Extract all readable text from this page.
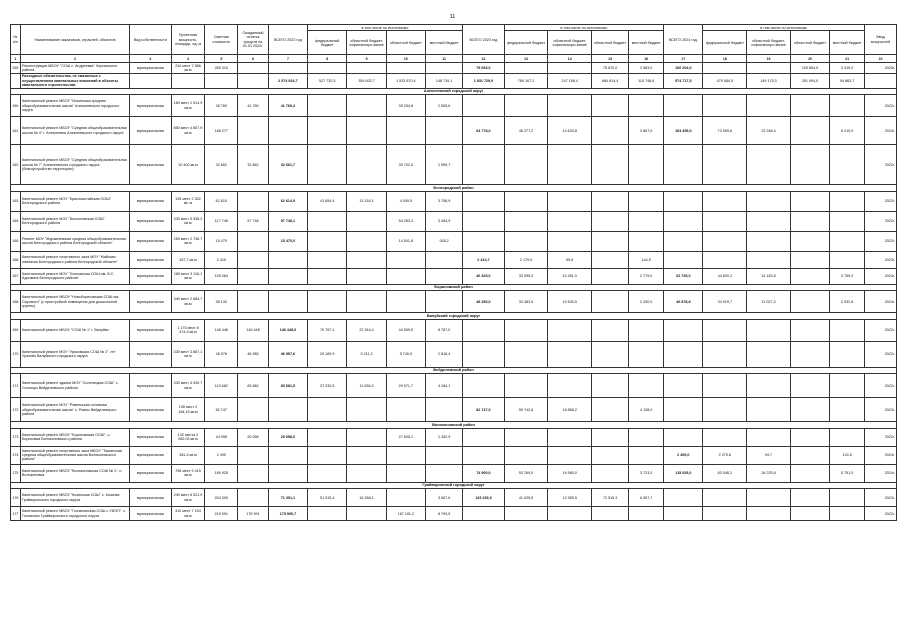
11
№ п/п	Наименование заказчиков, отраслей, объектов	Вид собственности	Проектная мощность, площадь, ед. м	Сметная стоимость	Ожидаемый остаток средств на 01.01.2022г.	ВСЕГО 2022 год	в том числе по источникам:				ВСЕГО 2023 год	в том числе по источникам:				ВСЕГО 2024 год.	в том числе по источникам:				Ввод мощностей
							федеральный бюджет	областной бюджет, софинансиро-вание	областной бюджет	местный бюджет		федеральный бюджет	областной бюджет, софинансиро-вание	областной бюджет	местный бюджет		федеральный бюджет	областной бюджет, софинансиро-вание	областной бюджет	местный бюджет	
1	2	3	4	5	6	7	8	9	10	11	12	13	14	15	16	17	18	19	20	21	22
159	Реконструкция МБОУ "СОШ с. Андреевка" Чернянского района	муниципальная	210 мест 7 586 кв.м	265 310							79 653,0			75 670,0	3 983,0	106 204,0			100 894,0	5 310,0	2025г.
	Расходные обязательства, не связанные с осуществлением капитальных вложений в объекты капитального строительства					2 574 924,7	527 732,5	354 602,7	1 533 870,4	148 719,1	1 831 729,0	789 167,2	247 198,4	684 814,4	110 748,6	574 717,5	479 584,5	149 175,3	291 094,0	54 863,7	
Алексеевский городской округ																					
160	Капитальный ремонт МБОУ "Ильинская средняя общеобразовательная школа" Алексеевского городского округа	муниципальная	180 мест 1 514,9 кв.м	45 760	41 760	41 760,4			39 254,8	2 505,6											2022г.
161	Капитальный ремонт МБОУ "Средняя общеобразовательная школа № 4" г. Алексеевка Алексеевского городского округа	муниципальная	850 мест 4 807,9 кв.м	168 277							64 778,0	46 277,2	14 633,8		3 867,0	103 499,0	73 959,6	23 248,4		6 210,0	2024г.
162	Капитальный ремонт МБОУ "Средняя общеобразовательная школа № 7" Алексеевского городского округа (благоустройство территории)	муниципальная	10 400 кв.м	32 662	32 662	32 661,7			30 702,0	1 959,7											2022г.
Белгородский район																					
163	Капитальный ремонт МОУ "Красноалтайская ООШ" Белгородского района	муниципальная	135 мест 2 302 кв. м	62 615		62 614,9	41 654,4	13 154,1	4 049,5	3 756,9											2022г.
164	Капитальный ремонт МОУ "Бессоновская СОШ" Белгородского района	муниципальная	330 мест 5 935,3 кв.м	117 748	57 748	57 748,1			54 283,4	3 464,9											2022г.
165	Ремонт МОУ "Журавлевская средняя общеобразовательная школа Белгородского района Белгородской области"	муниципальная	250 мест 2 736,7 кв.м	15 470		15 470,0			14 541,8	928,2											2022г.
166	Капитальный ремонт спортивного зала МОУ "Майская гимназия Белгородского района Белгородской области"	муниципальная	357,7 кв.м	2 415							2 414,7	2 179,0	90,8		144,9						2023г.
167	Капитальный ремонт МОУ "Хохловская СОШ им. В.С. Адонкина Белгородского района"	муниципальная	180 мест 3 116,1 кв.м	109 064							46 325,0	33 095,0	10 451,0		2 779,0	62 739,0	44 820,2	14 153,8		3 765,0	2024г.
Борисовский район																					
168	Капитальный ремонт МБОУ "Новоборисовская СОШ им. Сырового" (с пристройкой помещения для дошкольной группы)	муниципальная	340 мест 2 684,7 кв.м	95 130							48 250,0	33 483,5	10 540,5		2 290,0	46 878,8	34 919,7	11 027,3		2 932,8	2024г.
Валуйский городской округ																					
169	Капитальный ремонт МБОУ "СОШ № 1" г. Валуйки	муниципальная	1 175 мест 8 474,9 кв.м	146 448	146 448	146 448,0	70 757,1	22 344,4	44 559,5	8 787,0											2022г.
170	Капитальный ремонт МОУ "Уразовская СОШ № 2", пгт Уразово Валуйского городского округа	муниципальная	330 мест 3 867,1 кв.м	46 978	46 983	46 997,6	29 169,9	9 211,3	5 740,9	2 816,4											2022г.
Вейделевский район																					
171	Капитальный ремонт здания МОУ "Солонецкая СОШ" с. Солонцы Вейделевского района	муниципальная	330 мест 4 040,7 кв.м	113 682	83 682	83 681,5	37 030,5	11 836,3	29 971,7	4 184,1											2022г.
172	Капитальный ремонт МОУ "Ровеньская основная общеобразовательная школа" с. Ровны Вейделевского района	муниципальная	106 мест 2 164,19 кв.м	82 747							82 747,0	59 742,8	18 866,2		4 138,0						2023г.
Волоконовский район																					
173	Капитальный ремонт МБОУ "Борисовская ООШ", с. Борисовка Волоконовского района	муниципальная	132 места 2 082,03 кв.м	44 098	29 058	29 058,0			27 605,1	1 452,9											2022г.
174	Капитальный ремонт спортивного зала МБОУ "Тишанская средняя общеобразовательная школа Волоконовского района"	муниципальная	381,4 кв.м	2 490												2 490,0	2 270,8	94,7		124,5	2024г.
175	Капитальный ремонт МБОУ "Волоконовская СОШ № 1", п. Волоконовка	муниципальная	798 мест 9 415 кв.м	189 925							74 900,0	53 769,0	16 980,0		3 723,0	115 025,0	83 048,2	26 225,8		5 751,0	2024г.
Грайворонский городской округ																					
176	Капитальный ремонт МБОУ "Козинская СОШ" с. Козинка Грайворонского городского округа	муниципальная	240 мест 6 321,9 кв.м	204 305		71 351,1	51 515,4	16 268,1		3 567,6	133 153,9	41 025,5	12 955,5	72 515,3	6 657,7						2023г.
177	Капитальный ремонт МБОУ "Головчинская СОШ с УИОП", с. Головчино Грайворонского городского округа	муниципальная	410 мест 7 154 кв.м	215 991	175 991	175 990,7			167 191,2	8 799,5											2022г.
